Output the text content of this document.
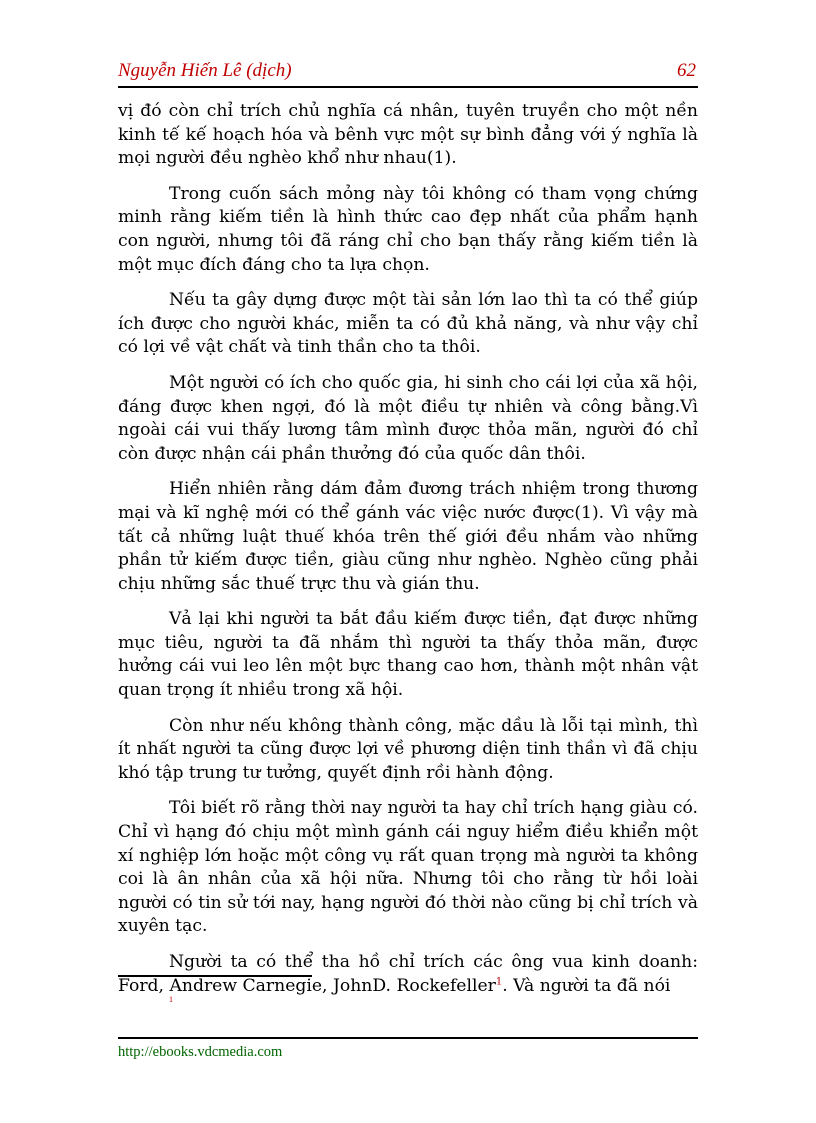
Nguyễn Hiến Lê (dịch)	62

vị đó còn chỉ trích chủ nghĩa cá nhân, tuyên truyền cho một nền kinh tế kế hoạch hóa và bênh vực một sự bình đẳng với ý nghĩa là mọi người đều nghèo khổ như nhau(1).

Trong cuốn sách mỏng này tôi không có tham vọng chứng minh rằng kiếm tiền là hình thức cao đẹp nhất của phẩm hạnh con người, nhưng tôi đã ráng chỉ cho bạn thấy rằng kiếm tiền là một mục đích đáng cho ta lựa chọn.

Nếu ta gây dựng được một tài sản lớn lao thì ta có thể giúp ích được cho người khác, miễn ta có đủ khả năng, và như vậy chỉ có lợi về vật chất và tinh thần cho ta thôi.

Một người có ích cho quốc gia, hi sinh cho cái lợi của xã hội, đáng được khen ngợi, đó là một điều tự nhiên và công bằng.Vì ngoài cái vui thấy lương tâm mình được thỏa mãn, người đó chỉ còn được nhận cái phần thưởng đó của quốc dân thôi.

Hiển nhiên rằng dám đảm đương trách nhiệm trong thương mại và kĩ nghệ mới có thể gánh vác việc nước được(1). Vì vậy mà tất cả những luật thuế khóa trên thế giới đều nhắm vào những phần tử kiếm được tiền, giàu cũng như nghèo. Nghèo cũng phải chịu những sắc thuế trực thu và gián thu.

Vả lại khi người ta bắt đầu kiếm được tiền, đạt được những mục tiêu, người ta đã nhắm thì người ta thấy thỏa mãn, được hưởng cái vui leo lên một bực thang cao hơn, thành một nhân vật quan trọng ít nhiều trong xã hội.

Còn như nếu không thành công, mặc dầu là lỗi tại mình, thì ít nhất người ta cũng được lợi về phương diện tinh thần vì đã chịu khó tập trung tư tưởng, quyết định rồi hành động.

Tôi biết rõ rằng thời nay người ta hay chỉ trích hạng giàu có. Chỉ vì hạng đó chịu một mình gánh cái nguy hiểm điều khiển một xí nghiệp lớn hoặc một công vụ rất quan trọng mà người ta không coi là ân nhân của xã hội nữa. Nhưng tôi cho rằng từ hồi loài người có tin sử tới nay, hạng người đó thời nào cũng bị chỉ trích và xuyên tạc.

Người ta có thể tha hồ chỉ trích các ông vua kinh doanh: Ford, Andrew Carnegie, JohnD. Rockefeller$^1$. Và người ta đã nói

1
http://ebooks.vdcmedia.com
